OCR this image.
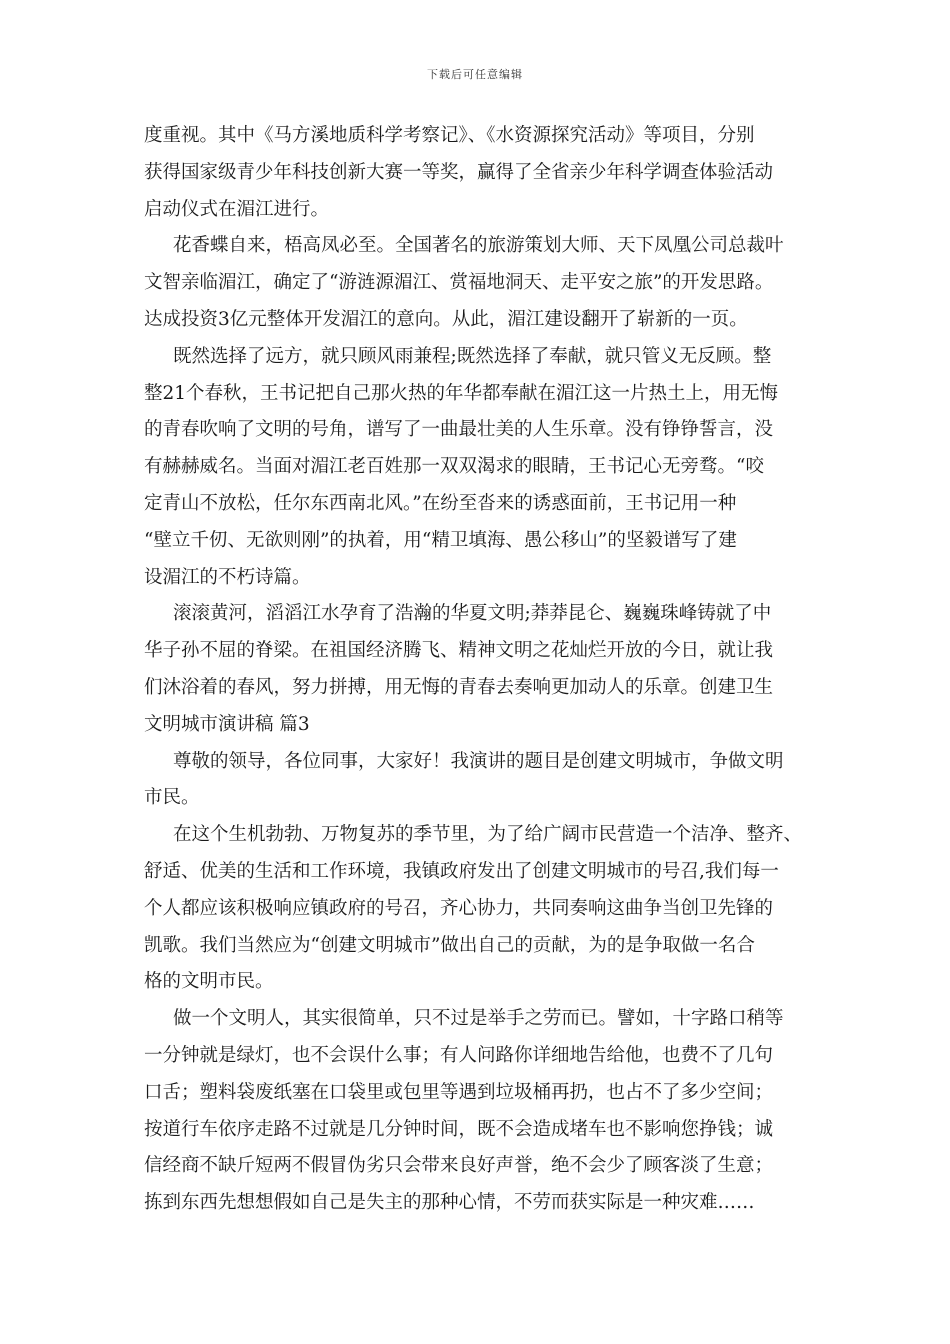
下载后可任意编辑
度重视。其中《马方溪地质科学考察记》、《水资源探究活动》等项目，分别
获得国家级青少年科技创新大赛一等奖，赢得了全省亲少年科学调查体验活动
启动仪式在湄江进行。
花香蝶自来，梧高凤必至。全国著名的旅游策划大师、天下凤凰公司总裁叶
文智亲临湄江，确定了“游涟源湄江、赏福地洞天、走平安之旅”的开发思路。
达成投资3亿元整体开发湄江的意向。从此，湄江建设翻开了崭新的一页。
既然选择了远方，就只顾风雨兼程;既然选择了奉献，就只管义无反顾。整
整21个春秋，王书记把自己那火热的年华都奉献在湄江这一片热土上，用无悔
的青春吹响了文明的号角，谱写了一曲最壮美的人生乐章。没有铮铮誓言，没
有赫赫威名。当面对湄江老百姓那一双双渴求的眼睛，王书记心无旁骛。“咬
定青山不放松，任尔东西南北风。”在纷至沓来的诱惑面前，王书记用一种
“壁立千仞、无欲则刚”的执着，用“精卫填海、愚公移山”的坚毅谱写了建
设湄江的不朽诗篇。
滚滚黄河，滔滔江水孕育了浩瀚的华夏文明;莽莽昆仑、巍巍珠峰铸就了中
华子孙不屈的脊梁。在祖国经济腾飞、精神文明之花灿烂开放的今日，就让我
们沐浴着的春风，努力拼搏，用无悔的青春去奏响更加动人的乐章。创建卫生
文明城市演讲稿 篇3
尊敬的领导，各位同事，大家好！我演讲的题目是创建文明城市，争做文明
市民。
在这个生机勃勃、万物复苏的季节里，为了给广阔市民营造一个洁净、整齐、
舒适、优美的生活和工作环境，我镇政府发出了创建文明城市的号召,我们每一
个人都应该积极响应镇政府的号召，齐心协力，共同奏响这曲争当创卫先锋的
凯歌。我们当然应为“创建文明城市”做出自己的贡献，为的是争取做一名合
格的文明市民。
做一个文明人，其实很简单，只不过是举手之劳而已。譬如，十字路口稍等
一分钟就是绿灯，也不会误什么事；有人问路你详细地告给他，也费不了几句
口舌；塑料袋废纸塞在口袋里或包里等遇到垃圾桶再扔，也占不了多少空间；
按道行车依序走路不过就是几分钟时间，既不会造成堵车也不影响您挣钱；诚
信经商不缺斤短两不假冒伪劣只会带来良好声誉，绝不会少了顾客淡了生意；
拣到东西先想想假如自己是失主的那种心情，不劳而获实际是一种灾难……
